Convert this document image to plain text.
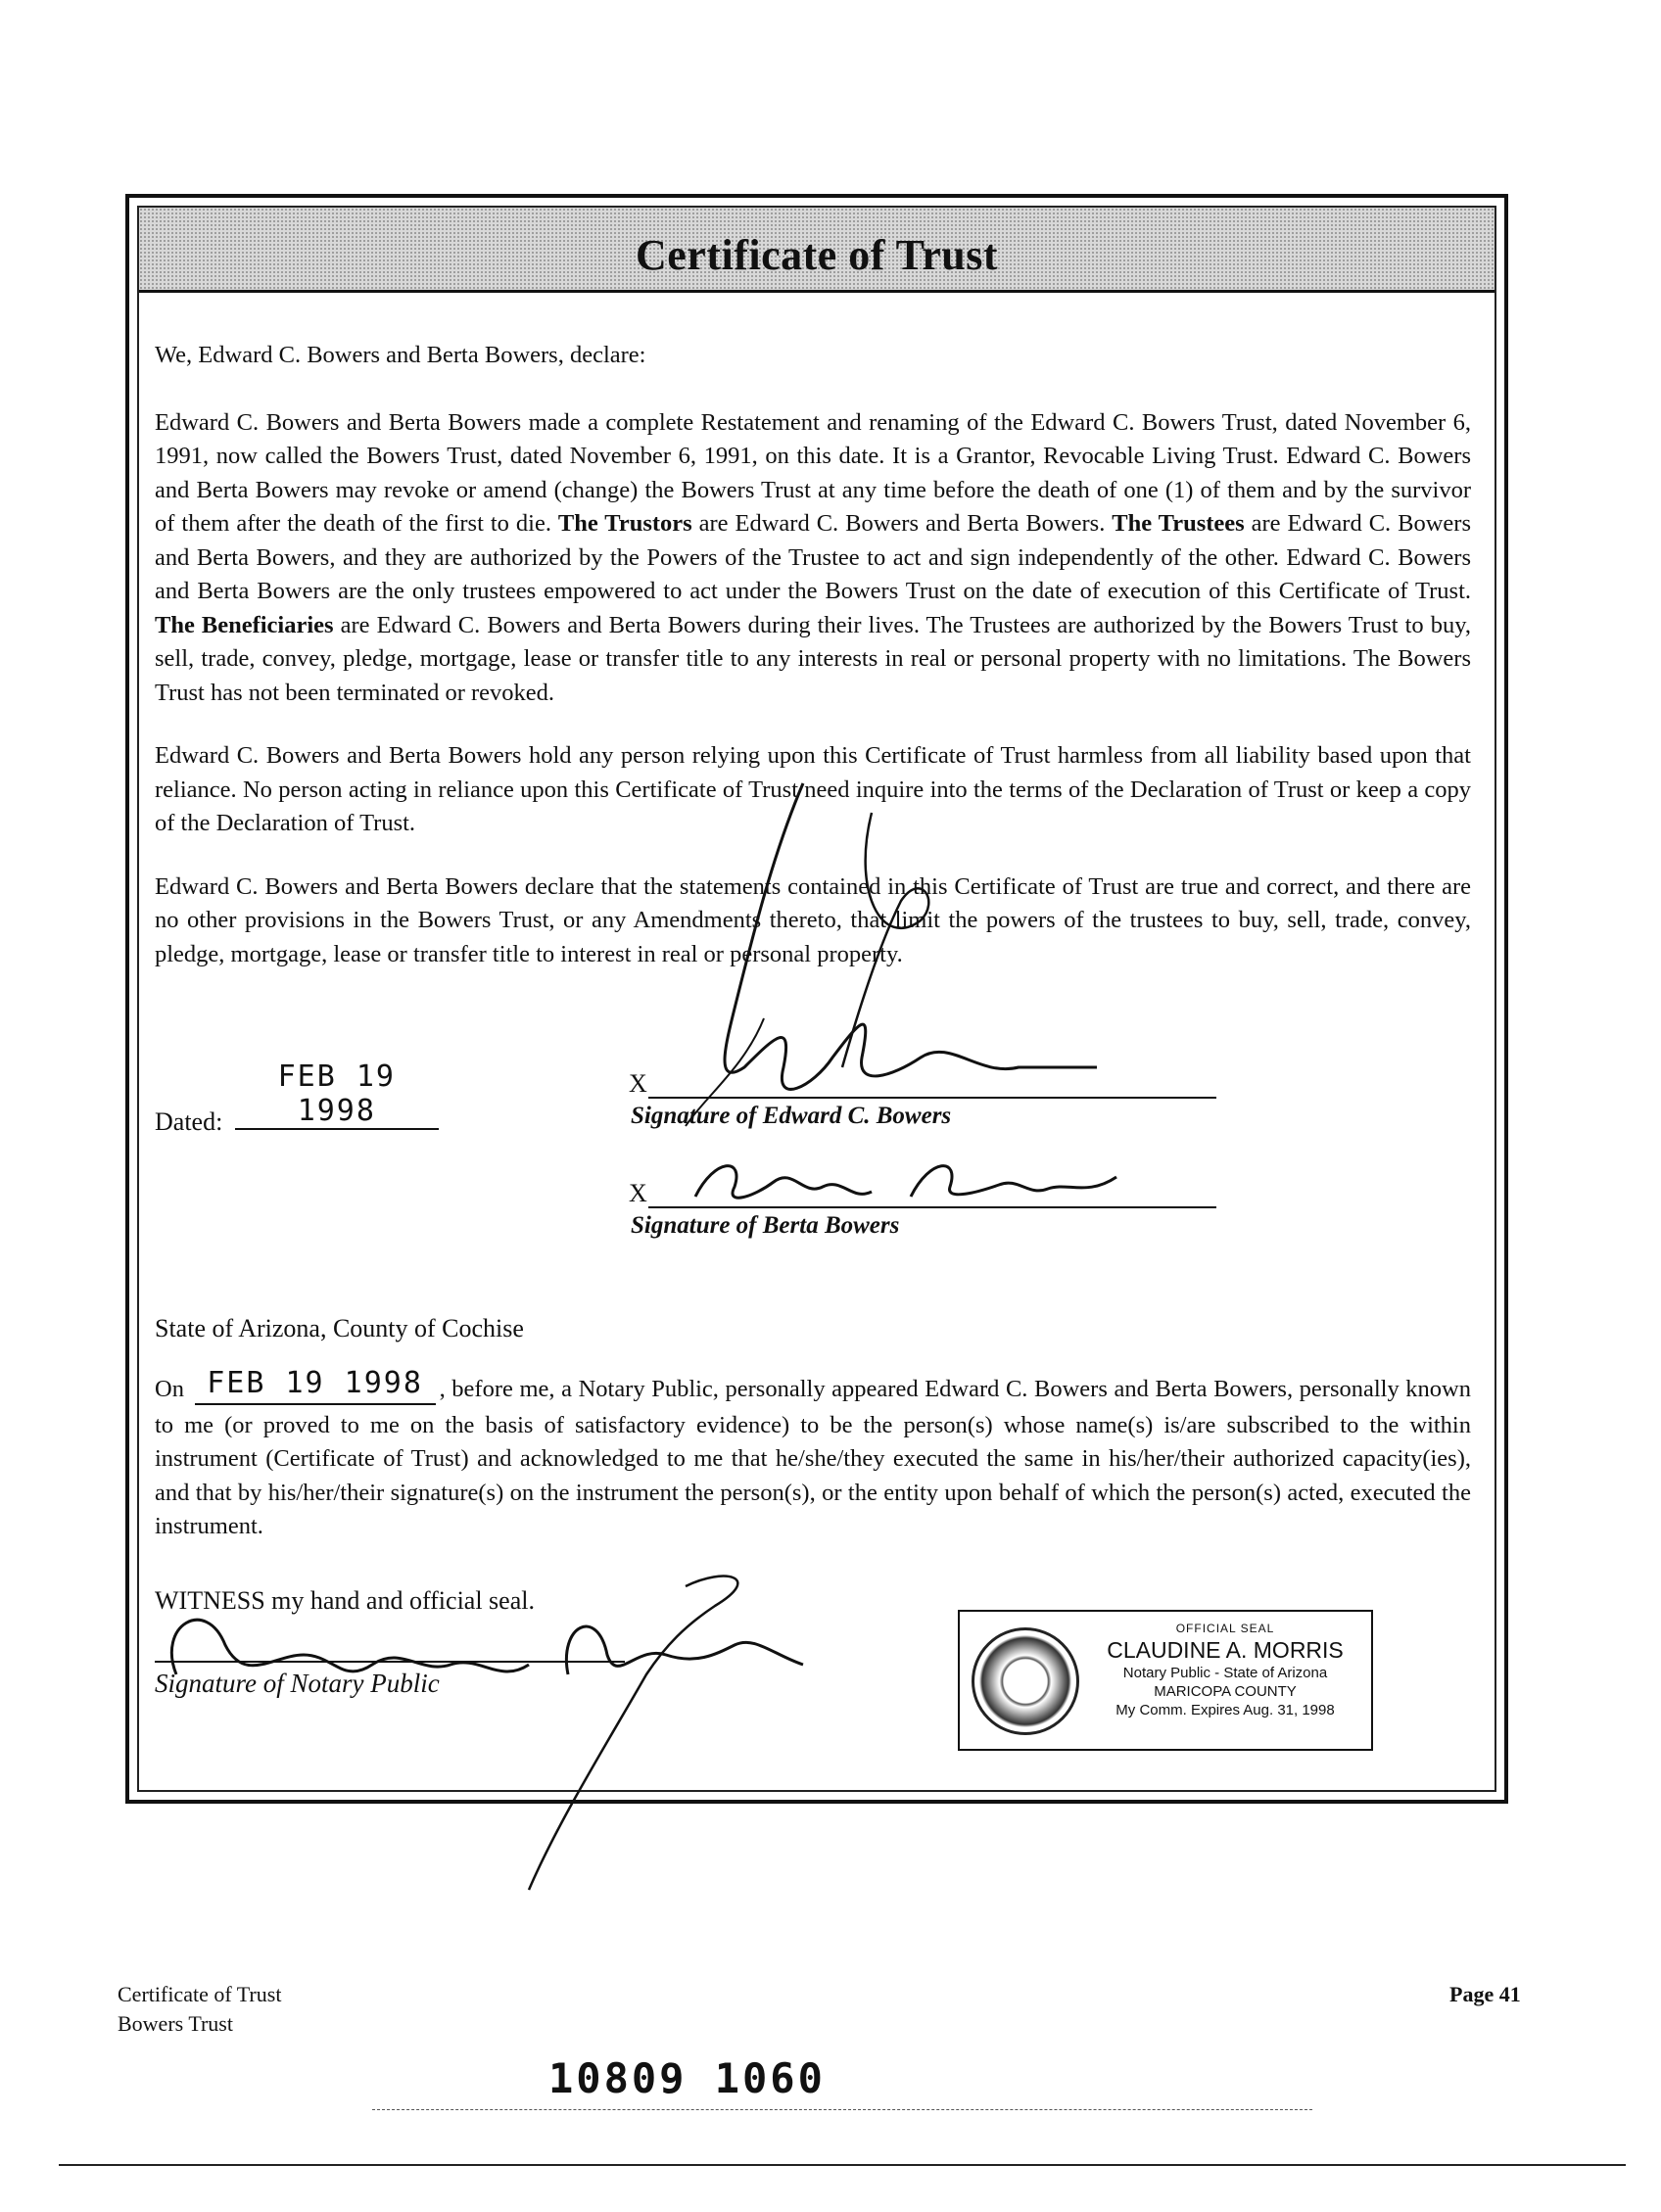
Certificate of Trust

We, Edward C. Bowers and Berta Bowers, declare:

Edward C. Bowers and Berta Bowers made a complete Restatement and renaming of the Edward C. Bowers Trust, dated November 6, 1991, now called the Bowers Trust, dated November 6, 1991, on this date. It is a Grantor, Revocable Living Trust. Edward C. Bowers and Berta Bowers may revoke or amend (change) the Bowers Trust at any time before the death of one (1) of them and by the survivor of them after the death of the first to die. The Trustors are Edward C. Bowers and Berta Bowers. The Trustees are Edward C. Bowers and Berta Bowers, and they are authorized by the Powers of the Trustee to act and sign independently of the other. Edward C. Bowers and Berta Bowers are the only trustees empowered to act under the Bowers Trust on the date of execution of this Certificate of Trust. The Beneficiaries are Edward C. Bowers and Berta Bowers during their lives. The Trustees are authorized by the Bowers Trust to buy, sell, trade, convey, pledge, mortgage, lease or transfer title to any interests in real or personal property with no limitations. The Bowers Trust has not been terminated or revoked.

Edward C. Bowers and Berta Bowers hold any person relying upon this Certificate of Trust harmless from all liability based upon that reliance. No person acting in reliance upon this Certificate of Trust need inquire into the terms of the Declaration of Trust or keep a copy of the Declaration of Trust.

Edward C. Bowers and Berta Bowers declare that the statements contained in this Certificate of Trust are true and correct, and there are no other provisions in the Bowers Trust, or any Amendments thereto, that limit the powers of the trustees to buy, sell, trade, convey, pledge, mortgage, lease or transfer title to interest in real or personal property.

Dated: FEB 19 1998
X
Signature of Edward C. Bowers
X
Signature of Berta Bowers
State of Arizona, County of Cochise
On FEB 19 1998 , before me, a Notary Public, personally appeared Edward C. Bowers and Berta Bowers, personally known to me (or proved to me on the basis of satisfactory evidence) to be the person(s) whose name(s) is/are subscribed to the within instrument (Certificate of Trust) and acknowledged to me that he/she/they executed the same in his/her/their authorized capacity(ies), and that by his/her/their signature(s) on the instrument the person(s), or the entity upon behalf of which the person(s) acted, executed the instrument.
WITNESS my hand and official seal.
Signature of Notary Public
OFFICIAL SEAL
CLAUDINE A. MORRIS
Notary Public - State of Arizona
MARICOPA COUNTY
My Comm. Expires Aug. 31, 1998
Certificate of Trust
Bowers Trust
Page 41
10809 1060
